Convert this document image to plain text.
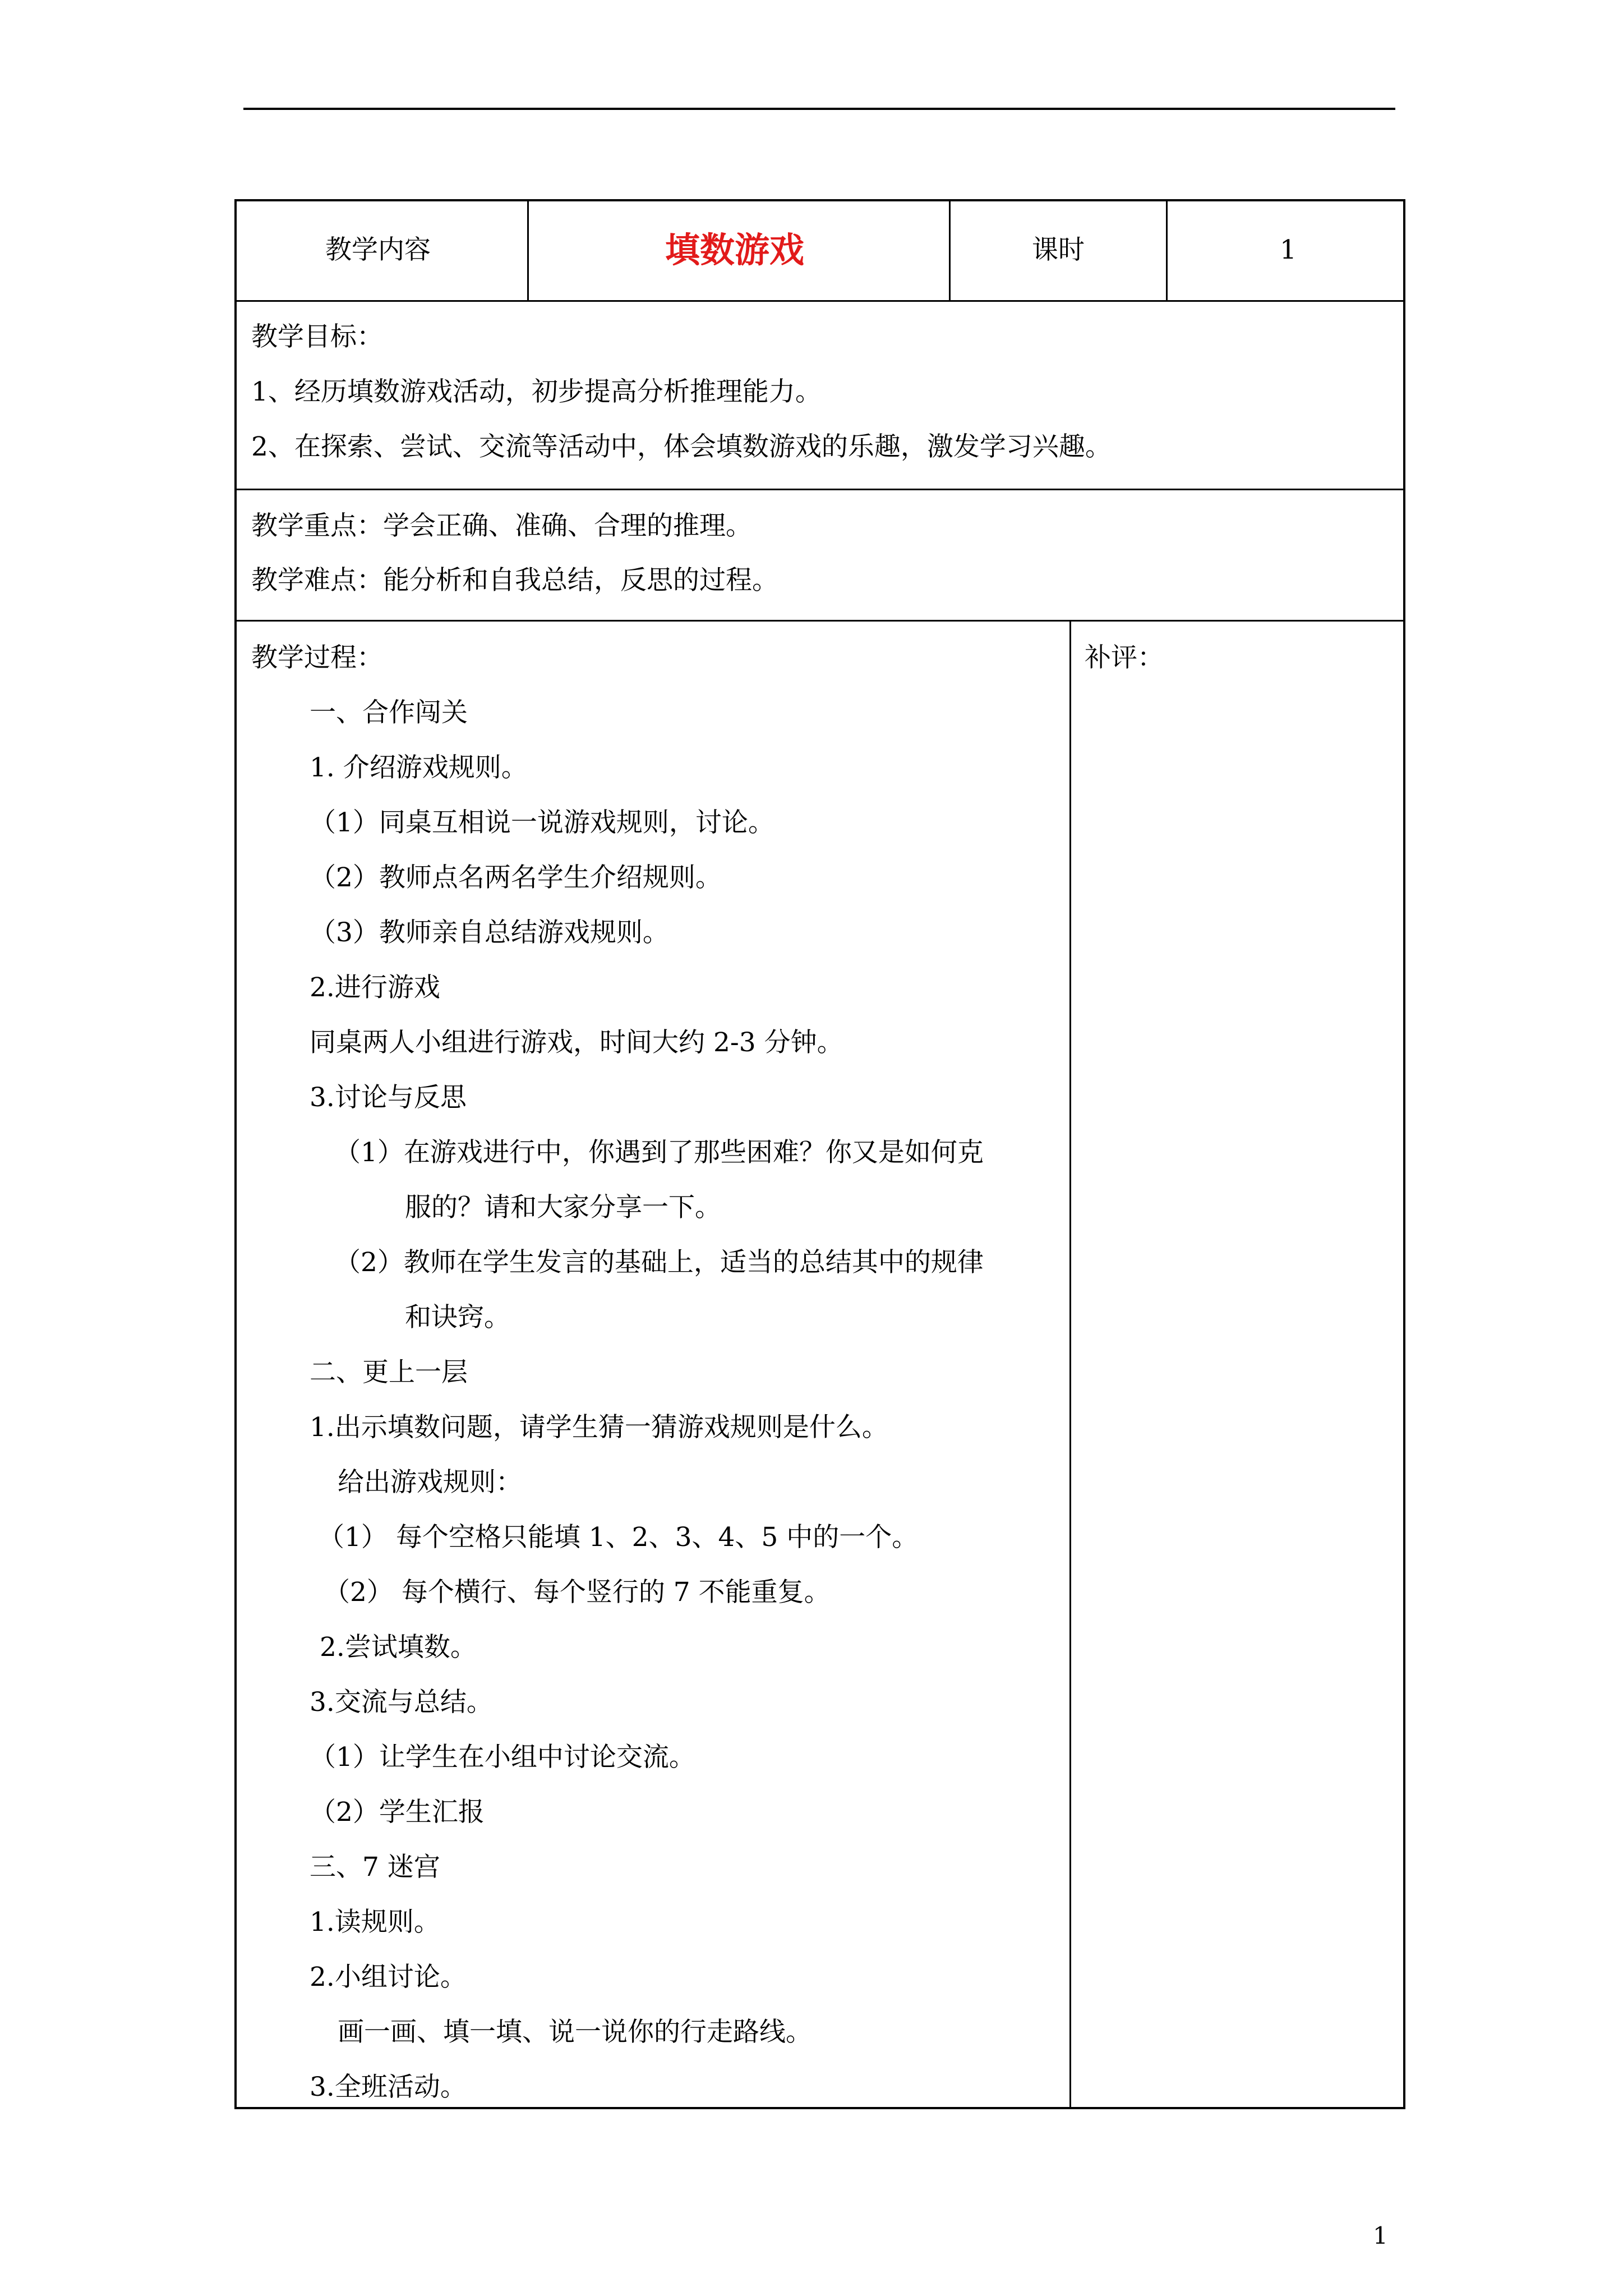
教学内容	填数游戏	课时	1
教学目标：
1、经历填数游戏活动，初步提高分析推理能力。
2、在探索、尝试、交流等活动中，体会填数游戏的乐趣，激发学习兴趣。
教学重点：学会正确、准确、合理的推理。
教学难点：能分析和自我总结，反思的过程。
教学过程：
一、合作闯关
1. 介绍游戏规则。
（1）同桌互相说一说游戏规则，讨论。
（2）教师点名两名学生介绍规则。
（3）教师亲自总结游戏规则。
2.进行游戏
同桌两人小组进行游戏，时间大约 2-3 分钟。
3.讨论与反思
（1）在游戏进行中，你遇到了那些困难？你又是如何克
服的？请和大家分享一下。
（2）教师在学生发言的基础上，适当的总结其中的规律
和诀窍。
二、更上一层
1.出示填数问题，请学生猜一猜游戏规则是什么。
给出游戏规则：
（1） 每个空格只能填 1、2、3、4、5 中的一个。
（2） 每个横行、每个竖行的 7 不能重复。
2.尝试填数。
3.交流与总结。
（1）让学生在小组中讨论交流。
（2）学生汇报
三、7 迷宫
1.读规则。
2.小组讨论。
画一画、填一填、说一说你的行走路线。
3.全班活动。
补评：
1
